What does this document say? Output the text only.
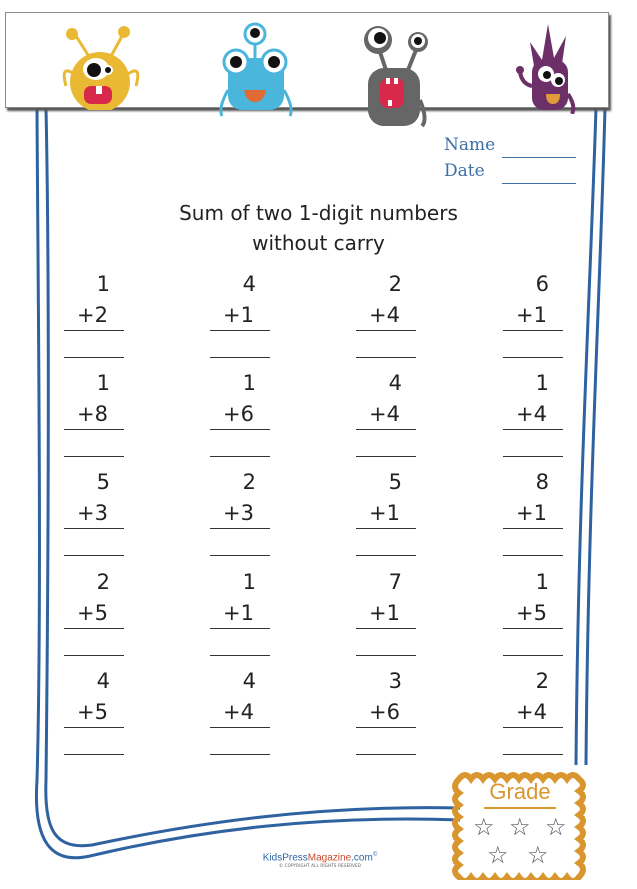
Name
Date
Sum of two 1-digit numbers
without carry
1
+2
4
+1
2
+4
6
+1
1
+8
1
+6
4
+4
1
+4
5
+3
2
+3
5
+1
8
+1
2
+5
1
+1
7
+1
1
+5
4
+5
4
+4
3
+6
2
+4
Grade
☆ ☆ ☆
☆ ☆
KidsPressMagazine.com©
© COPYRIGHT ALL RIGHTS RESERVED
